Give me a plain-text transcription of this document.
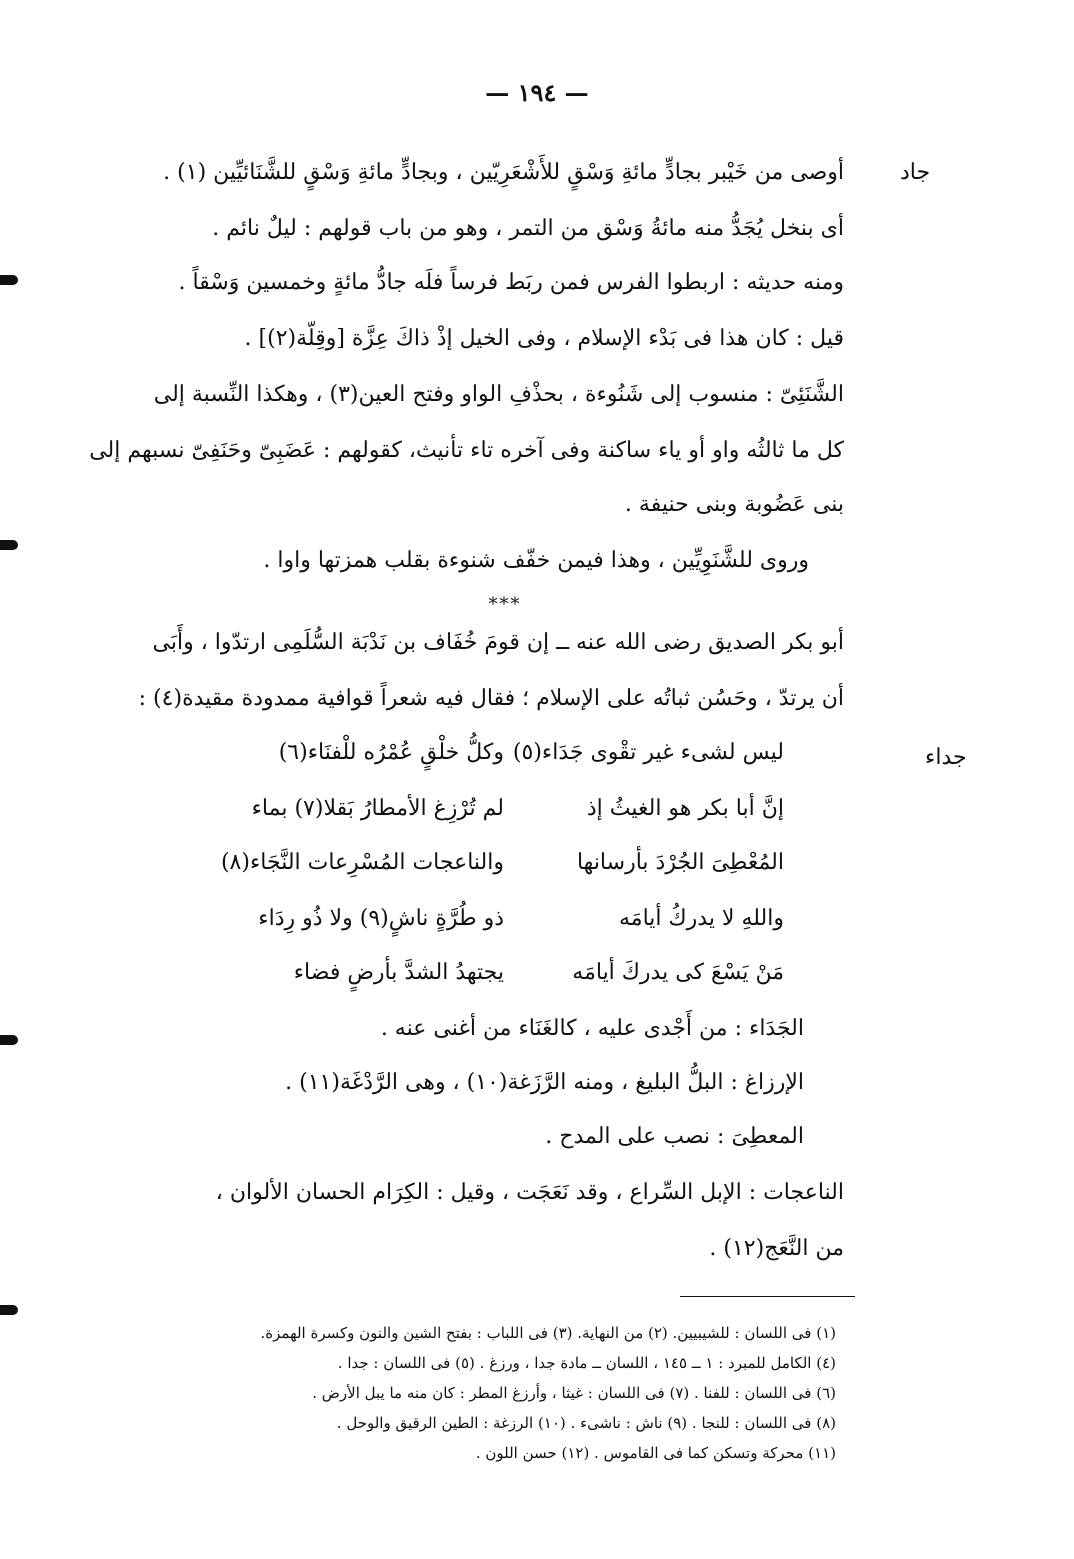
— ١٩٤ —
جاد
جداء
أوصى من خَيْبر بجادٍّ مائةِ وَسْقٍ للأَشْعَرِيّين ، وبجادٍّ مائةِ وَسْقٍ للشَّنَائيِّين (١) .
أى بنخل يُجَدُّ منه مائةُ وَسْق من التمر ، وهو من باب قولهم : ليلٌ نائم .
ومنه حديثه : اربطوا الفرس فمن ربَط فرساً فلَه جادُّ مائةٍ وخمسين وَسْقاً .
قيل : كان هذا فى بَدْء الإسلام ، وفى الخيل إذْ ذاكَ عِزَّة [وقِلّة(٢)] .
الشَّنَئِىّ : منسوب إلى شَنُوءة ، بحذْفِ الواو وفتح العين(٣) ، وهكذا النِّسبة إلى
كل ما ثالثُه واو أو ياء ساكنة وفى آخره تاء تأنيث، كقولهم : عَضَبِىّ وحَنَفِىّ نسبهم إلى
بنى عَضُوبة وبنى حنيفة .
وروى للشَّنَوِيِّين ، وهذا فيمن خفّف شنوءة بقلب همزتها واوا .
***
أبو بكر الصديق رضى الله عنه ــ إن قومَ خُفَاف بن نَدْبَة السُّلَمِى ارتدّوا ، وأَبَى
أن يرتدّ ، وحَسُن ثباتُه على الإسلام ؛ فقال فيه شعراً قوافية ممدودة مقيدة(٤) :
ليس لشىء غير تقْوى جَدَاء(٥)
وكلُّ خلْقٍ عُمْرُه للْفنَاء(٦)
إنَّ أبا بكر هو الغيثُ إذ
لم تُرْزِغ الأمطارُ بَقلا(٧) بماء
المُعْطِىَ الجُرْدَ بأرسانها
والناعجات المُسْرِعات النَّجَاء(٨)
واللهِ لا يدركُ أيامَه
ذو طُرَّةٍ ناشٍ(٩) ولا ذُو رِدَاء
مَنْ يَسْعَ كى يدركَ أيامَه
يجتهدُ الشدَّ بأرضٍ فضاء
الجَدَاء : من أَجْدى عليه ، كالغَنَاء من أغنى عنه .
الإرزاغ : البلُّ البليغ ، ومنه الرَّزَغة(١٠) ، وهى الرَّدْغَة(١١) .
المعطِىَ : نصب على المدح .
الناعجات : الإبل السِّراع ، وقد نَعَجَت ، وقيل : الكِرَام الحسان الألوان ،
من النَّعَج(١٢) .
(١) فى اللسان : للشيبيين. (٢) من النهاية. (٣) فى اللباب : بفتح الشين والنون وكسرة الهمزة.
(٤) الكامل للمبرد : ١ ــ ١٤٥ ، اللسان ــ مادة جدا ، ورزغ . (٥) فى اللسان : جدا .
(٦) فى اللسان : للفنا . (٧) فى اللسان : غيثا ، وأرزغ المطر : كان منه ما يبل الأرض .
(٨) فى اللسان : للنجا . (٩) ناش : ناشىء . (١٠) الرزغة : الطين الرقيق والوحل .
(١١) محركة وتسكن كما فى القاموس . (١٢) حسن اللون .
